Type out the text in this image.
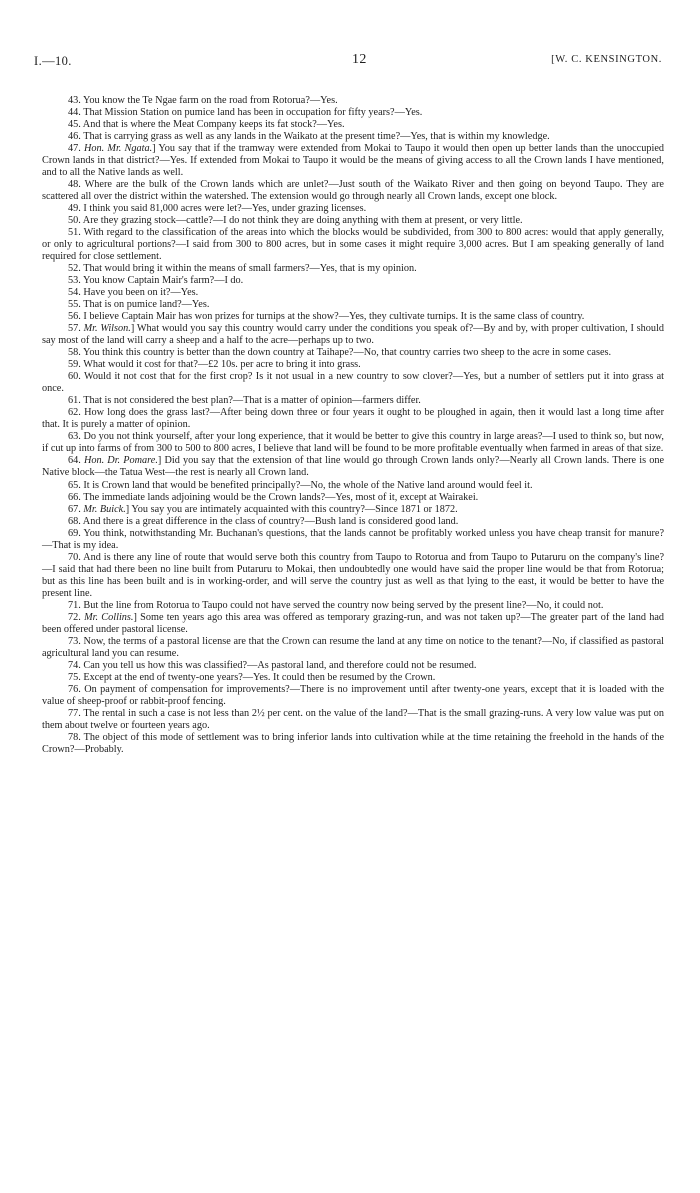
I.—10.	12	[W. C. KENSINGTON.

43. You know the Te Ngae farm on the road from Rotorua?—Yes.

44. That Mission Station on pumice land has been in occupation for fifty years?—Yes.

45. And that is where the Meat Company keeps its fat stock?—Yes.

46. That is carrying grass as well as any lands in the Waikato at the present time?—Yes, that is within my knowledge.

47. Hon. Mr. Ngata.] You say that if the tramway were extended from Mokai to Taupo it would then open up better lands than the unoccupied Crown lands in that district?—Yes. If extended from Mokai to Taupo it would be the means of giving access to all the Crown lands I have mentioned, and to all the Native lands as well.

48. Where are the bulk of the Crown lands which are unlet?—Just south of the Waikato River and then going on beyond Taupo. They are scattered all over the district within the watershed. The extension would go through nearly all Crown lands, except one block.

49. I think you said 81,000 acres were let?—Yes, under grazing licenses.

50. Are they grazing stock—cattle?—I do not think they are doing anything with them at present, or very little.

51. With regard to the classification of the areas into which the blocks would be subdivided, from 300 to 800 acres: would that apply generally, or only to agricultural portions?—I said from 300 to 800 acres, but in some cases it might require 3,000 acres. But I am speaking generally of land required for close settlement.

52. That would bring it within the means of small farmers?—Yes, that is my opinion.

53. You know Captain Mair's farm?—I do.

54. Have you been on it?—Yes.

55. That is on pumice land?—Yes.

56. I believe Captain Mair has won prizes for turnips at the show?—Yes, they cultivate turnips. It is the same class of country.

57. Mr. Wilson.] What would you say this country would carry under the conditions you speak of?—By and by, with proper cultivation, I should say most of the land will carry a sheep and a half to the acre—perhaps up to two.

58. You think this country is better than the down country at Taihape?—No, that country carries two sheep to the acre in some cases.

59. What would it cost for that?—£2 10s. per acre to bring it into grass.

60. Would it not cost that for the first crop? Is it not usual in a new country to sow clover?—Yes, but a number of settlers put it into grass at once.

61. That is not considered the best plan?—That is a matter of opinion—farmers differ.

62. How long does the grass last?—After being down three or four years it ought to be ploughed in again, then it would last a long time after that. It is purely a matter of opinion.

63. Do you not think yourself, after your long experience, that it would be better to give this country in large areas?—I used to think so, but now, if cut up into farms of from 300 to 500 to 800 acres, I believe that land will be found to be more profitable eventually when farmed in areas of that size.

64. Hon. Dr. Pomare.] Did you say that the extension of that line would go through Crown lands only?—Nearly all Crown lands. There is one Native block—the Tatua West—the rest is nearly all Crown land.

65. It is Crown land that would be benefited principally?—No, the whole of the Native land around would feel it.

66. The immediate lands adjoining would be the Crown lands?—Yes, most of it, except at Wairakei.

67. Mr. Buick.] You say you are intimately acquainted with this country?—Since 1871 or 1872.

68. And there is a great difference in the class of country?—Bush land is considered good land.

69. You think, notwithstanding Mr. Buchanan's questions, that the lands cannot be profitably worked unless you have cheap transit for manure?—That is my idea.

70. And is there any line of route that would serve both this country from Taupo to Rotorua and from Taupo to Putaruru on the company's line?—I said that had there been no line built from Putaruru to Mokai, then undoubtedly one would have said the proper line would be that from Rotorua; but as this line has been built and is in working-order, and will serve the country just as well as that lying to the east, it would be better to have the present line.

71. But the line from Rotorua to Taupo could not have served the country now being served by the present line?—No, it could not.

72. Mr. Collins.] Some ten years ago this area was offered as temporary grazing-run, and was not taken up?—The greater part of the land had been offered under pastoral license.

73. Now, the terms of a pastoral license are that the Crown can resume the land at any time on notice to the tenant?—No, if classified as pastoral agricultural land you can resume.

74. Can you tell us how this was classified?—As pastoral land, and therefore could not be resumed.

75. Except at the end of twenty-one years?—Yes. It could then be resumed by the Crown.

76. On payment of compensation for improvements?—There is no improvement until after twenty-one years, except that it is loaded with the value of sheep-proof or rabbit-proof fencing.

77. The rental in such a case is not less than 2½ per cent. on the value of the land?—That is the small grazing-runs. A very low value was put on them about twelve or fourteen years ago.

78. The object of this mode of settlement was to bring inferior lands into cultivation while at the time retaining the freehold in the hands of the Crown?—Probably.
